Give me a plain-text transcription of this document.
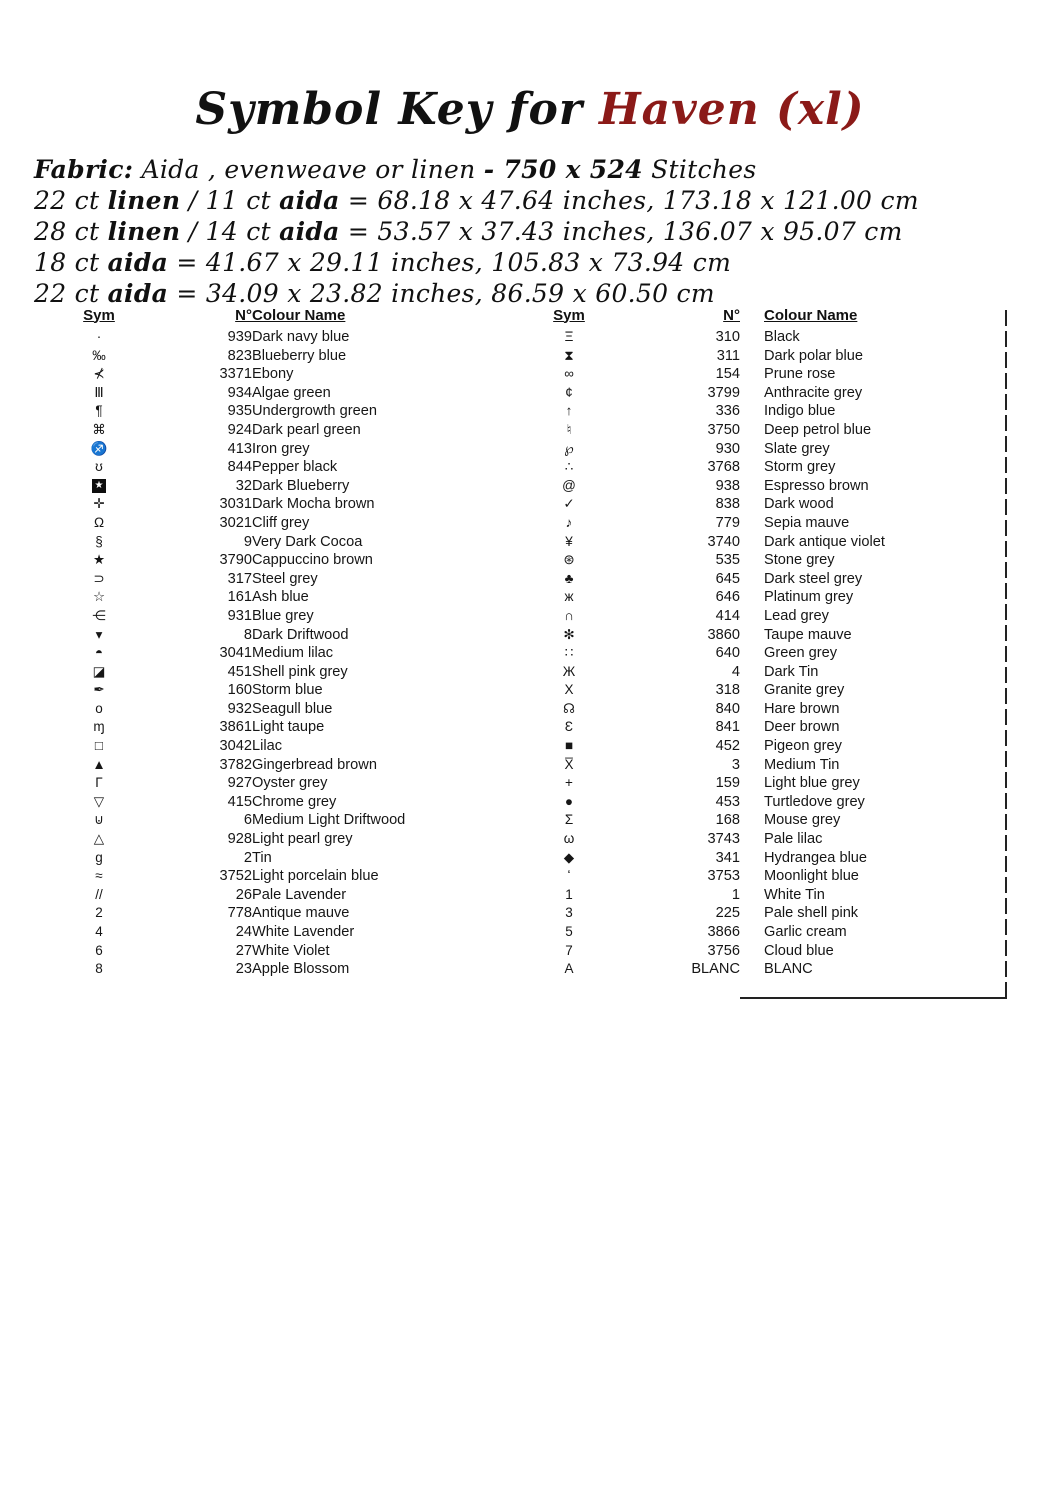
Symbol Key for Haven (xl)
Fabric: Aida , evenweave or linen - 750 x 524 Stitches
22 ct linen / 11 ct aida = 68.18 x 47.64 inches, 173.18 x 121.00 cm
28 ct linen / 14 ct aida = 53.57 x 37.43 inches, 136.07 x 95.07 cm
18 ct aida = 41.67 x 29.11 inches, 105.83 x 73.94 cm
22 ct aida = 34.09 x 23.82 inches, 86.59 x 60.50 cm
Sym	N°	Colour Name
·	939	Dark navy blue
‰	823	Blueberry blue
⊀	3371	Ebony
Ⅲ	934	Algae green
¶	935	Undergrowth green
⌘	924	Dark pearl green
♐	413	Iron grey
ʊ	844	Pepper black
★	32	Dark Blueberry
✛	3031	Dark Mocha brown
Ω	3021	Cliff grey
§	9	Very Dark Cocoa
★	3790	Cappuccino brown
⊃	317	Steel grey
☆	161	Ash blue
⋲	931	Blue grey
▾	8	Dark Driftwood
◓	3041	Medium lilac
◪	451	Shell pink grey
✒	160	Storm blue
o	932	Seagull blue
ɱ	3861	Light taupe
□	3042	Lilac
▲	3782	Gingerbread brown
Γ	927	Oyster grey
▽	415	Chrome grey
⊍	6	Medium Light Driftwood
△	928	Light pearl grey
g	2	Tin
≈	3752	Light porcelain blue
//	26	Pale Lavender
2	778	Antique mauve
4	24	White Lavender
6	27	White Violet
8	23	Apple Blossom
Sym	N°	Colour Name
Ξ	310	Black
⧗	311	Dark polar blue
∞	154	Prune rose
¢	3799	Anthracite grey
↑	336	Indigo blue
♮	3750	Deep petrol blue
℘	930	Slate grey
∴	3768	Storm grey
@	938	Espresso brown
✓	838	Dark wood
♪	779	Sepia mauve
¥	3740	Dark antique violet
⊛	535	Stone grey
♣	645	Dark steel grey
ж	646	Platinum grey
∩	414	Lead grey
✻	3860	Taupe mauve
∷	640	Green grey
Ж	4	Dark Tin
X	318	Granite grey
☊	840	Hare brown
Ɛ	841	Deer brown
■	452	Pigeon grey
X̅	3	Medium Tin
+	159	Light blue grey
●	453	Turtledove grey
Σ	168	Mouse grey
ω	3743	Pale lilac
◆	341	Hydrangea blue
ʻ	3753	Moonlight blue
1	1	White Tin
3	225	Pale shell pink
5	3866	Garlic cream
7	3756	Cloud blue
A	BLANC	BLANC
